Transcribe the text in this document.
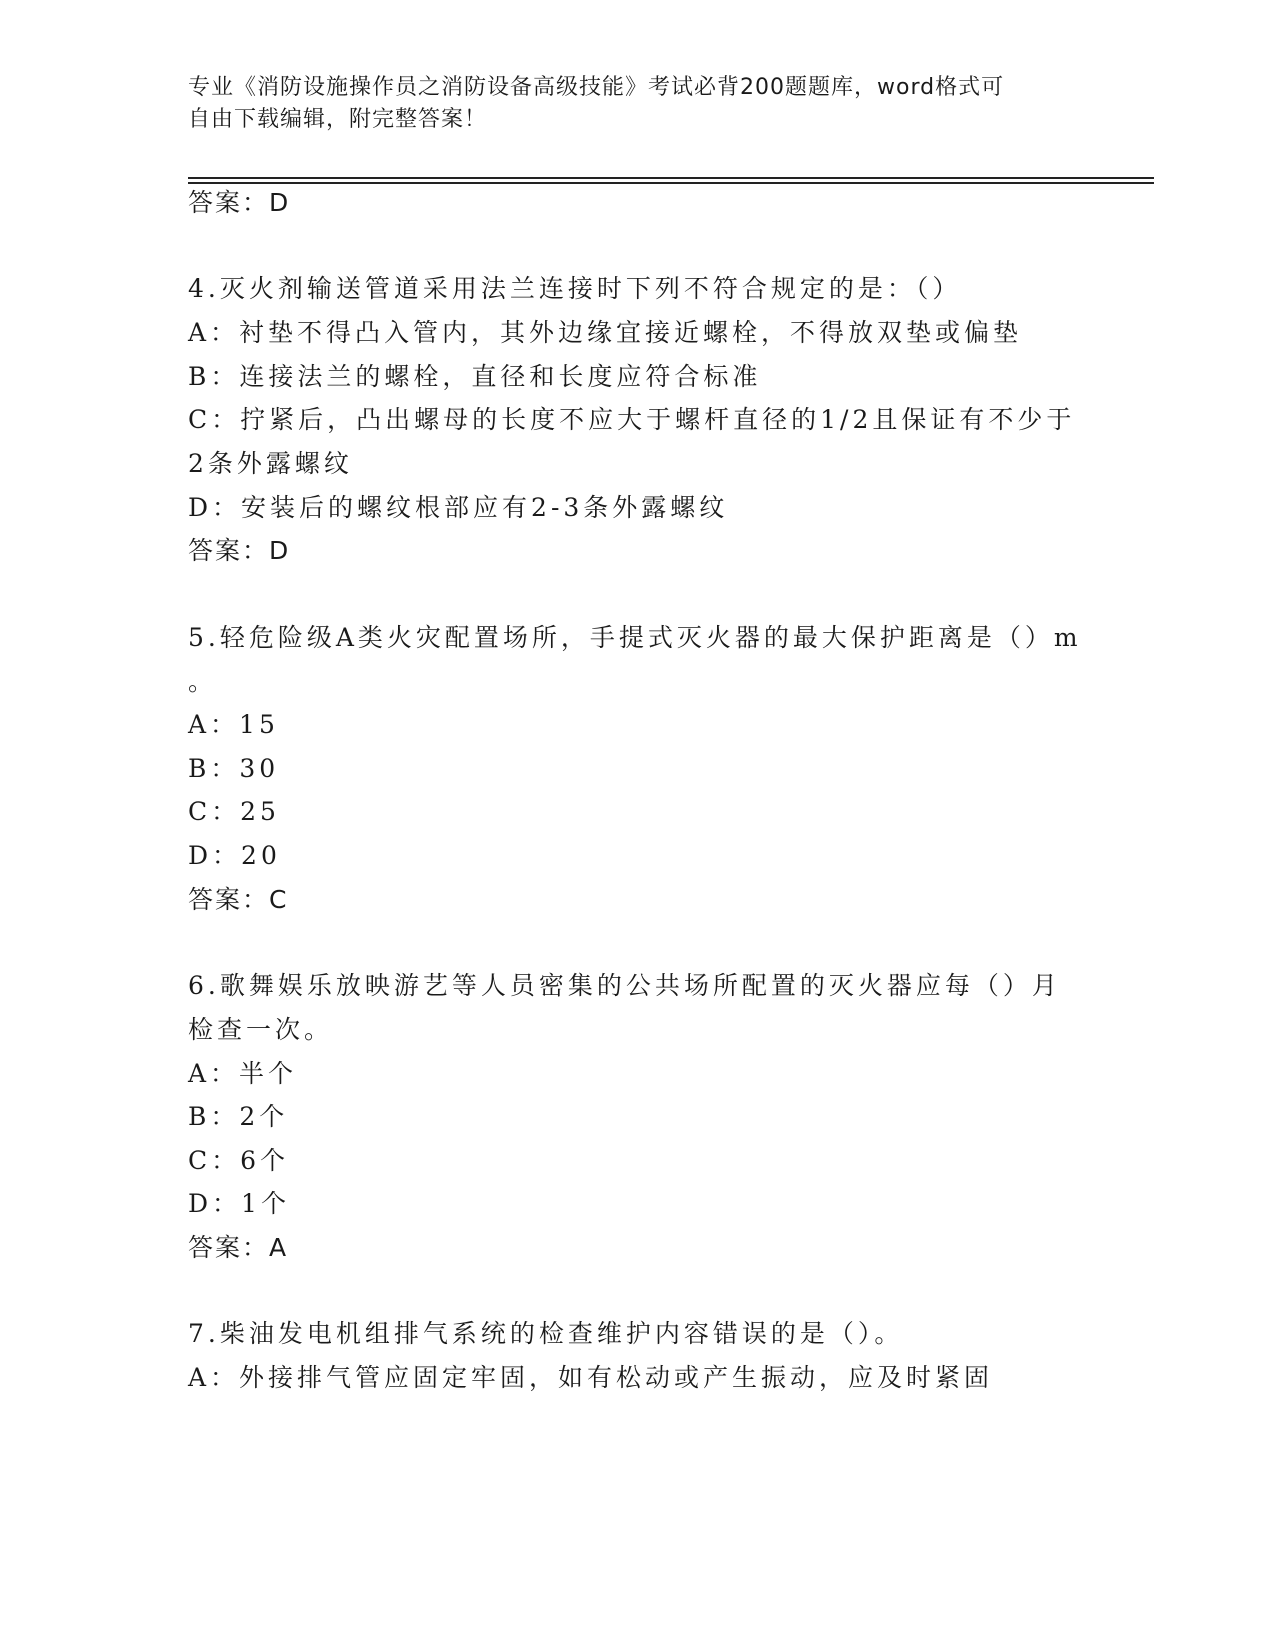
专业《消防设施操作员之消防设备高级技能》考试必背200题题库，word格式可
自由下载编辑，附完整答案！
答案：D
4.灭火剂输送管道采用法兰连接时下列不符合规定的是：（）
A：衬垫不得凸入管内，其外边缘宜接近螺栓，不得放双垫或偏垫
B：连接法兰的螺栓，直径和长度应符合标准
C：拧紧后，凸出螺母的长度不应大于螺杆直径的1/2且保证有不少于
2条外露螺纹
D：安装后的螺纹根部应有2-3条外露螺纹
答案：D
5.轻危险级A类火灾配置场所，手提式灭火器的最大保护距离是（）m
。
A：15
B：30
C：25
D：20
答案：C
6.歌舞娱乐放映游艺等人员密集的公共场所配置的灭火器应每（）月
检查一次。
A：半个
B：2个
C：6个
D：1个
答案：A
7.柴油发电机组排气系统的检查维护内容错误的是（）。
A：外接排气管应固定牢固，如有松动或产生振动，应及时紧固
